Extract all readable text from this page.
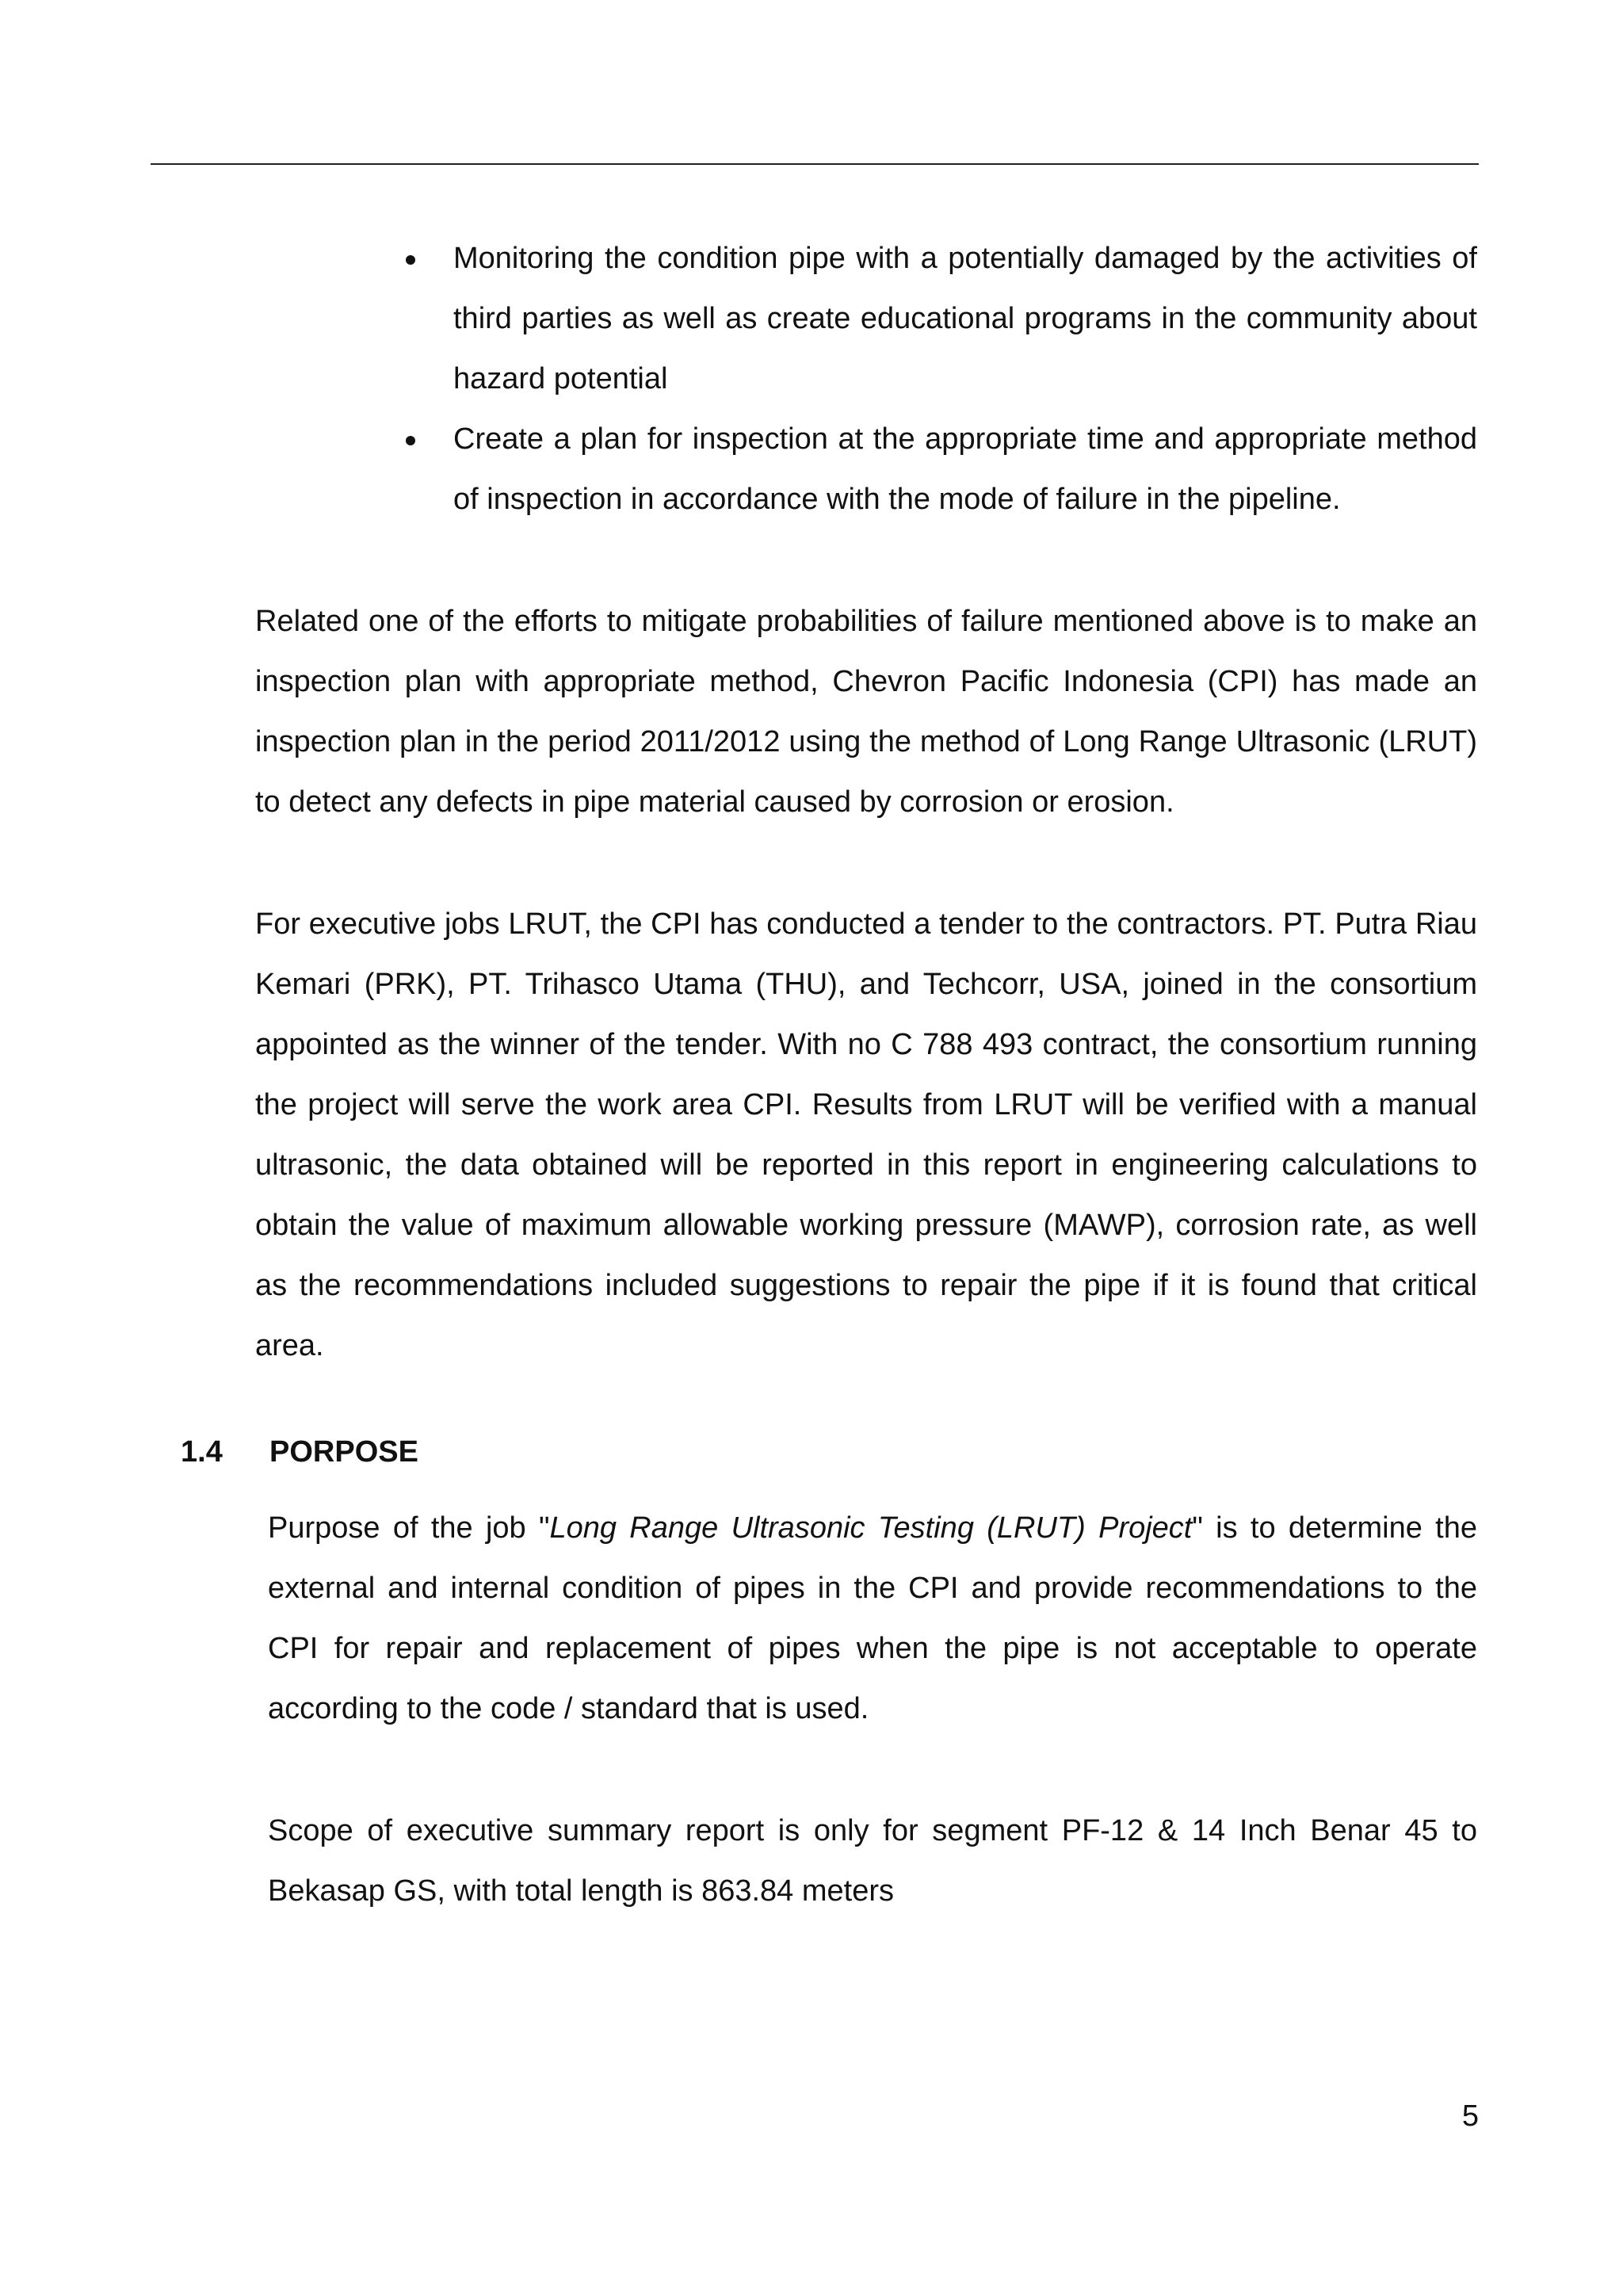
Monitoring the condition pipe with a potentially damaged by the activities of third parties as well as create educational programs in the community about hazard potential

Create a plan for inspection at the appropriate time and appropriate method of inspection in accordance with the mode of failure in the pipeline.

Related one of the efforts to mitigate probabilities of failure mentioned above is to make an inspection plan with appropriate method, Chevron Pacific Indonesia (CPI) has made an inspection plan in the period 2011/2012 using the method of Long Range Ultrasonic (LRUT) to detect any defects in pipe material caused by corrosion or erosion.

For executive jobs LRUT, the CPI has conducted a tender to the contractors. PT. Putra Riau Kemari (PRK), PT. Trihasco Utama (THU), and Techcorr, USA, joined in the consortium appointed as the winner of the tender. With no C 788 493 contract, the consortium running the project will serve the work area CPI. Results from LRUT will be verified with a manual ultrasonic, the data obtained will be reported in this report in engineering calculations to obtain the value of maximum allowable working pressure (MAWP), corrosion rate, as well as the recommendations included suggestions to repair the pipe if it is found that critical area.

1.4 PORPOSE

Purpose of the job "Long Range Ultrasonic Testing (LRUT) Project" is to determine the external and internal condition of pipes in the CPI and provide recommendations to the CPI for repair and replacement of pipes when the pipe is not acceptable to operate according to the code / standard that is used.

Scope of executive summary report is only for segment PF-12 & 14 Inch Benar 45 to Bekasap GS, with total length is 863.84 meters

5
